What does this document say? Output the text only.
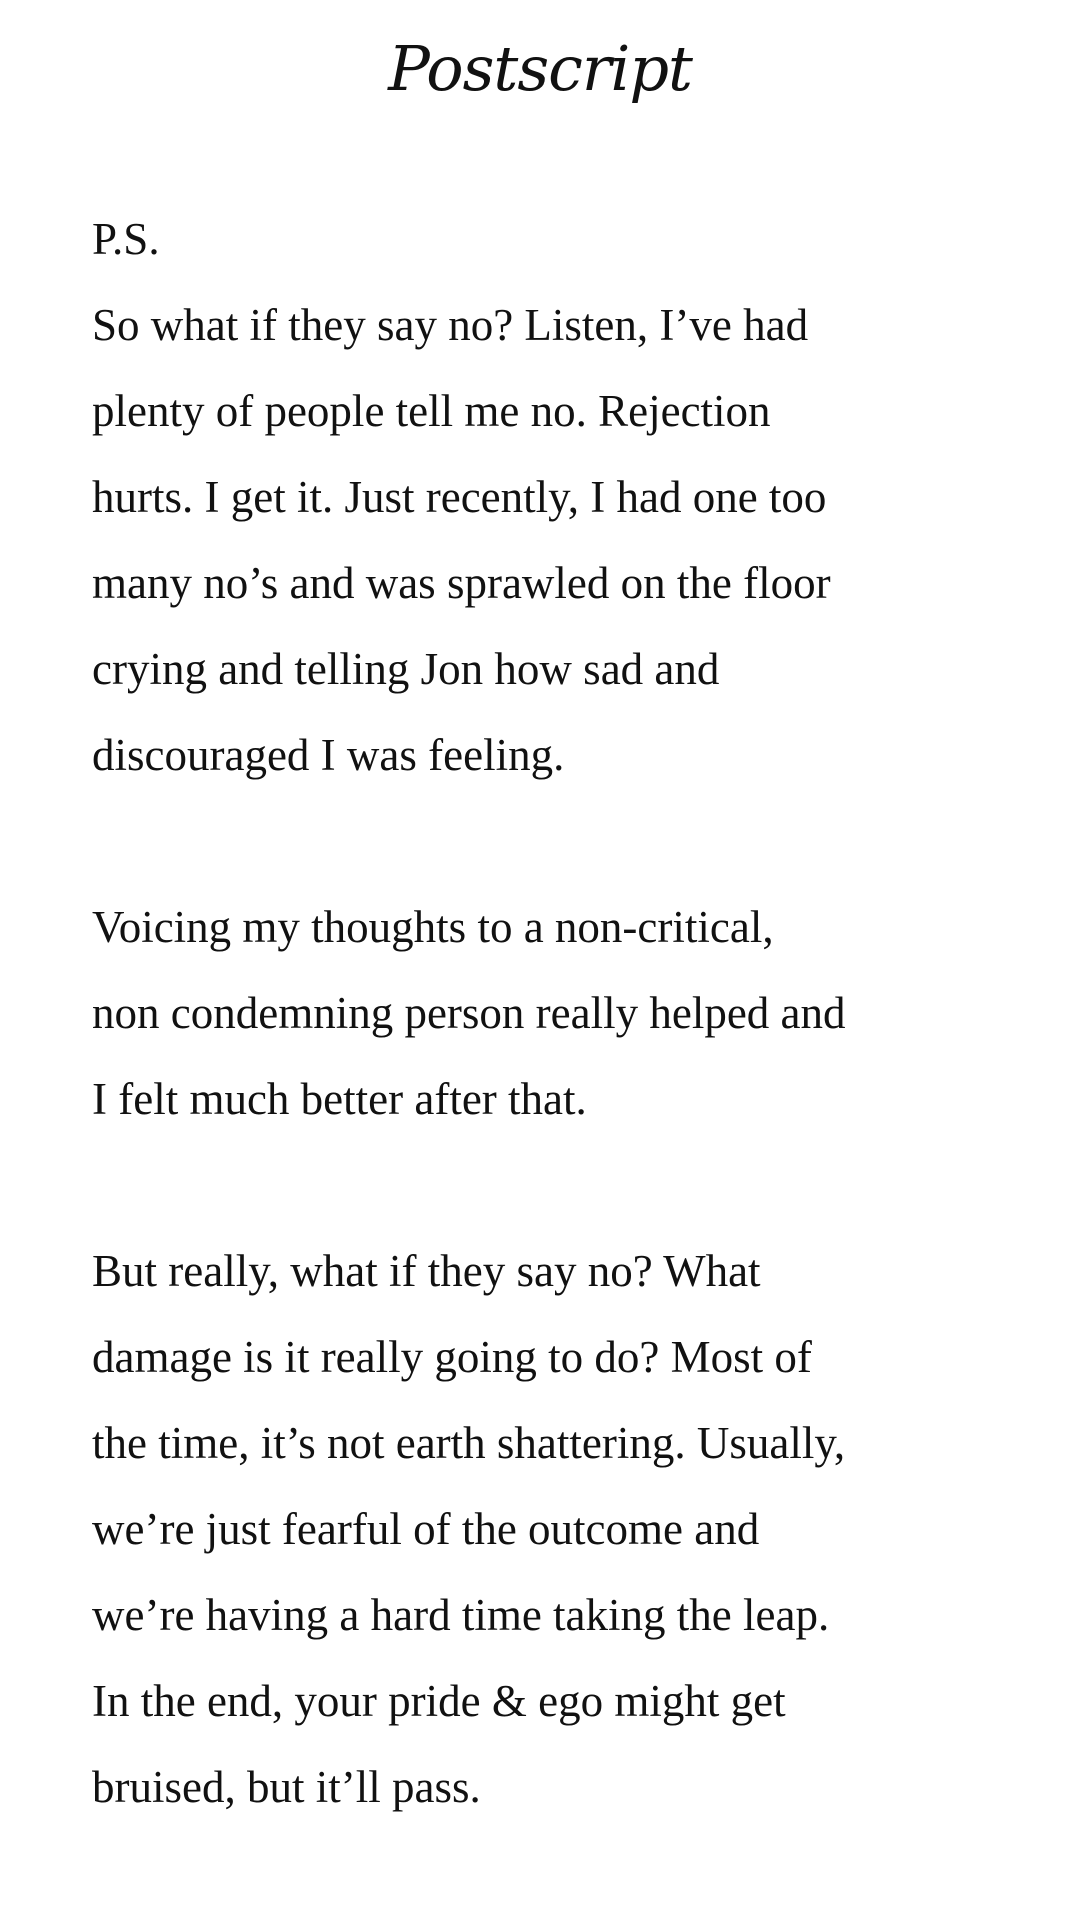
Postscript

P.S.

So what if they say no? Listen, I’ve had
plenty of people tell me no. Rejection
hurts. I get it. Just recently, I had one too
many no’s and was sprawled on the floor
crying and telling Jon how sad and
discouraged I was feeling.

Voicing my thoughts to a non-critical,
non condemning person really helped and
I felt much better after that.

But really, what if they say no? What
damage is it really going to do? Most of
the time, it’s not earth shattering. Usually,
we’re just fearful of the outcome and
we’re having a hard time taking the leap.
In the end, your pride & ego might get
bruised, but it’ll pass.
